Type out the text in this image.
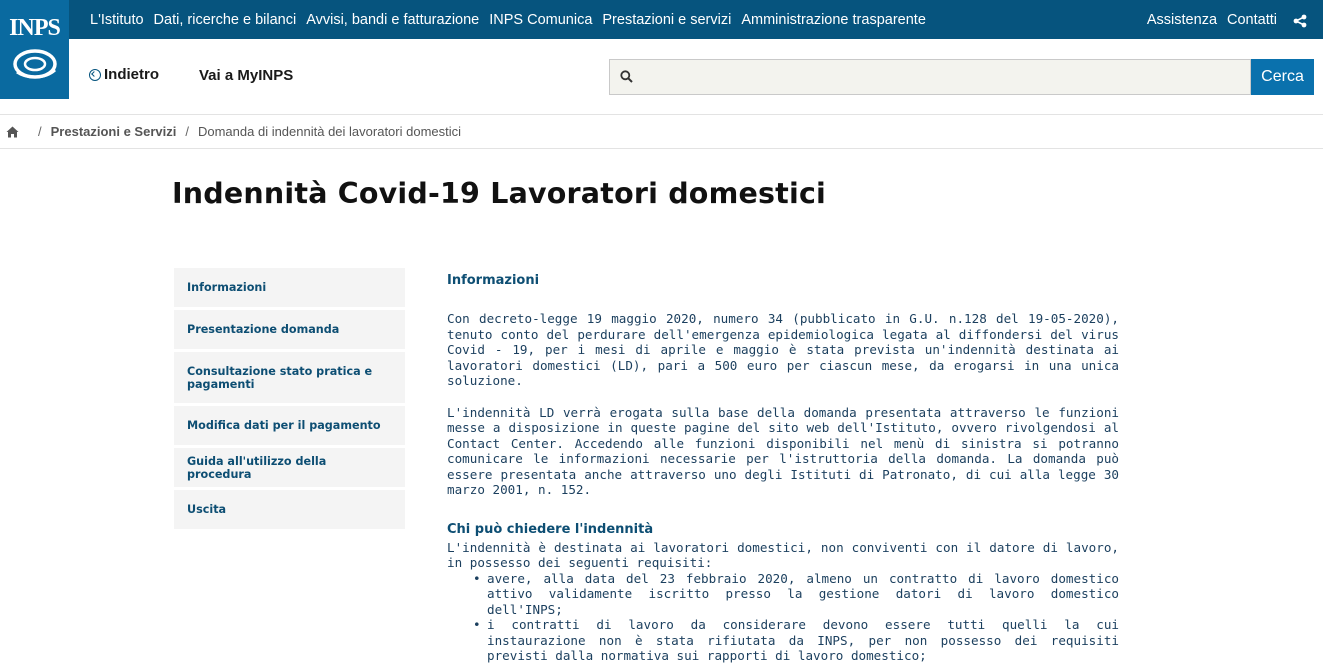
L'Istituto Dati, ricerche e bilanci Avvisi, bandi e fatturazione INPS Comunica Prestazioni e servizi Amministrazione trasparente	Assistenza Contatti
INPS
Indietro	Vai a MyINPS	Cerca
/ Prestazioni e Servizi / Domanda di indennità dei lavoratori domestici
Indennità Covid-19 Lavoratori domestici
Informazioni
Presentazione domanda
Consultazione stato pratica e pagamenti
Modifica dati per il pagamento
Guida all'utilizzo della procedura
Uscita
Informazioni

Con decreto-legge 19 maggio 2020, numero 34 (pubblicato in G.U. n.128 del 19-05-2020), tenuto conto del perdurare dell'emergenza epidemiologica legata al diffondersi del virus Covid - 19, per i mesi di aprile e maggio è stata prevista un'indennità destinata ai lavoratori domestici (LD), pari a 500 euro per ciascun mese, da erogarsi in una unica soluzione.

L'indennità LD verrà erogata sulla base della domanda presentata attraverso le funzioni messe a disposizione in queste pagine del sito web dell'Istituto, ovvero rivolgendosi al Contact Center. Accedendo alle funzioni disponibili nel menù di sinistra si potranno comunicare le informazioni necessarie per l'istruttoria della domanda. La domanda può essere presentata anche attraverso uno degli Istituti di Patronato, di cui alla legge 30 marzo 2001, n. 152.

Chi può chiedere l'indennità

L'indennità è destinata ai lavoratori domestici, non conviventi con il datore di lavoro, in possesso dei seguenti requisiti:

• avere, alla data del 23 febbraio 2020, almeno un contratto di lavoro domestico attivo validamente iscritto presso la gestione datori di lavoro domestico dell'INPS;
• i contratti di lavoro da considerare devono essere tutti quelli la cui instaurazione non è stata rifiutata da INPS, per non possesso dei requisiti previsti dalla normativa sui rapporti di lavoro domestico;
